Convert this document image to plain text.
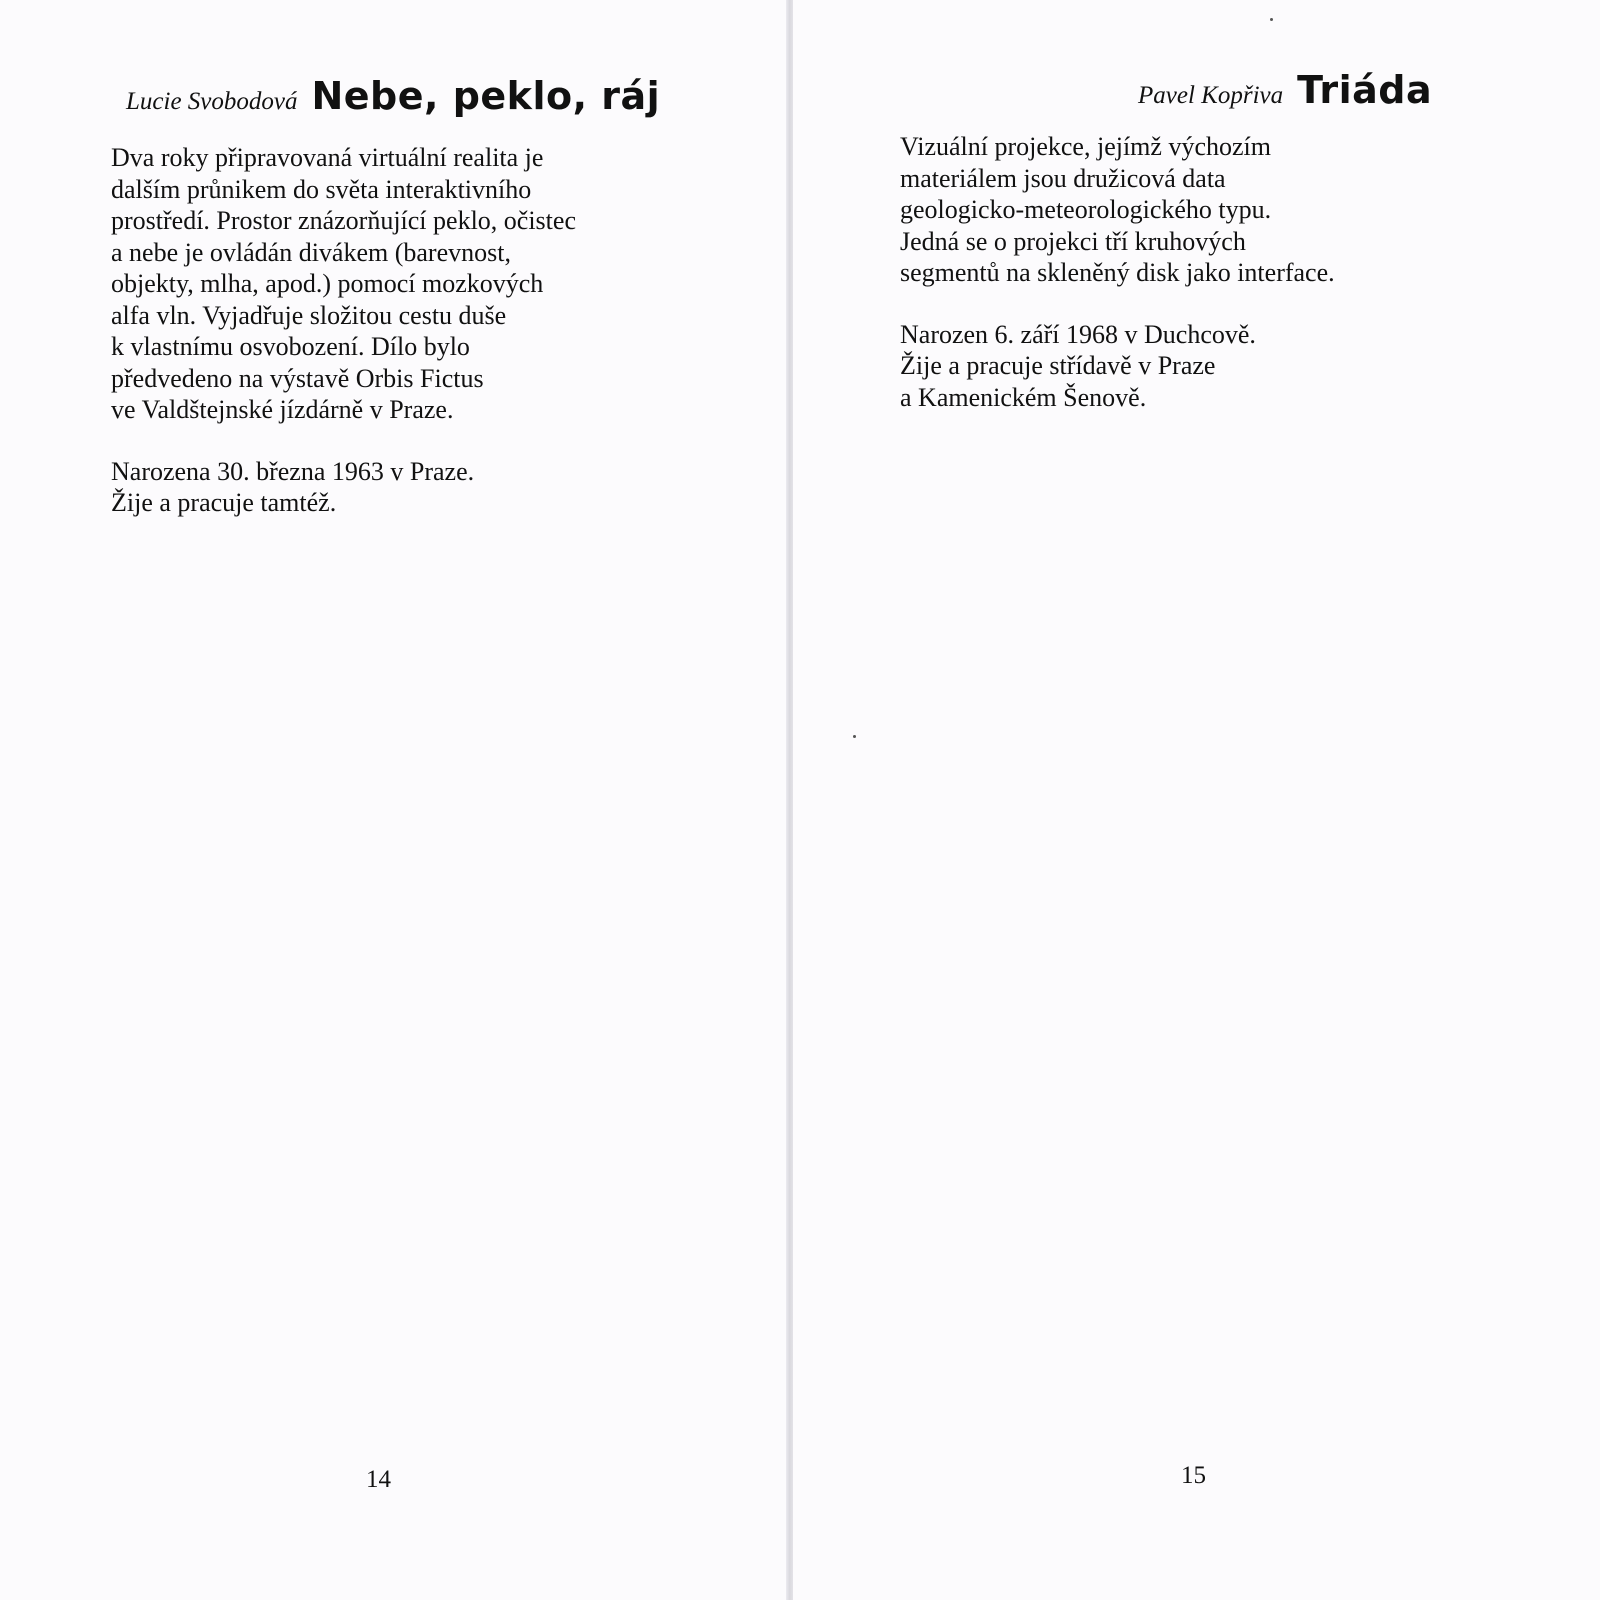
Lucie Svobodová Nebe, peklo, ráj

Dva roky připravovaná virtuální realita je
dalším průnikem do světa interaktivního
prostředí. Prostor znázorňující peklo, očistec
a nebe je ovládán divákem (barevnost,
objekty, mlha, apod.) pomocí mozkových
alfa vln. Vyjadřuje složitou cestu duše
k vlastnímu osvobození. Dílo bylo
předvedeno na výstavě Orbis Fictus
ve Valdštejnské jízdárně v Praze.

Narozena 30. března 1963 v Praze.
Žije a pracuje tamtéž.

14
Pavel Kopřiva Triáda

Vizuální projekce, jejímž výchozím
materiálem jsou družicová data
geologicko-meteorologického typu.
Jedná se o projekci tří kruhových
segmentů na skleněný disk jako interface.

Narozen 6. září 1968 v Duchcově.
Žije a pracuje střídavě v Praze
a Kamenickém Šenově.

15
